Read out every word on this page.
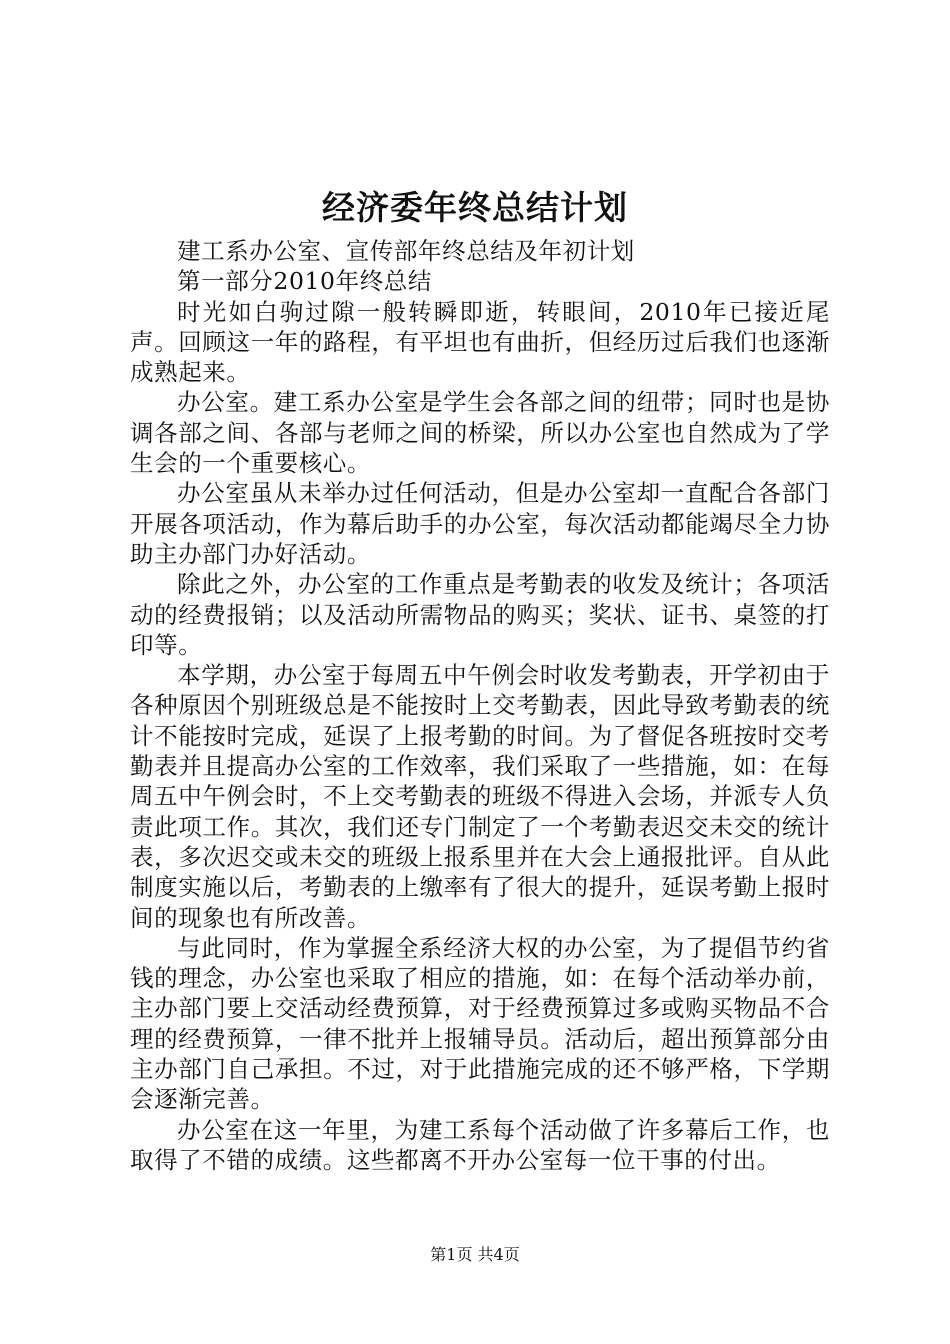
经济委年终总结计划

建工系办公室、宣传部年终总结及年初计划

第一部分2010年终总结

时光如白驹过隙一般转瞬即逝，转眼间，2010年已接近尾声。回顾这一年的路程，有平坦也有曲折，但经历过后我们也逐渐成熟起来。

办公室。建工系办公室是学生会各部之间的纽带；同时也是协调各部之间、各部与老师之间的桥梁，所以办公室也自然成为了学生会的一个重要核心。

办公室虽从未举办过任何活动，但是办公室却一直配合各部门开展各项活动，作为幕后助手的办公室，每次活动都能竭尽全力协助主办部门办好活动。

除此之外，办公室的工作重点是考勤表的收发及统计；各项活动的经费报销；以及活动所需物品的购买；奖状、证书、桌签的打印等。

本学期，办公室于每周五中午例会时收发考勤表，开学初由于各种原因个别班级总是不能按时上交考勤表，因此导致考勤表的统计不能按时完成，延误了上报考勤的时间。为了督促各班按时交考勤表并且提高办公室的工作效率，我们采取了一些措施，如：在每周五中午例会时，不上交考勤表的班级不得进入会场，并派专人负责此项工作。其次，我们还专门制定了一个考勤表迟交未交的统计表，多次迟交或未交的班级上报系里并在大会上通报批评。自从此制度实施以后，考勤表的上缴率有了很大的提升，延误考勤上报时间的现象也有所改善。

与此同时，作为掌握全系经济大权的办公室，为了提倡节约省钱的理念，办公室也采取了相应的措施，如：在每个活动举办前，主办部门要上交活动经费预算，对于经费预算过多或购买物品不合理的经费预算，一律不批并上报辅导员。活动后，超出预算部分由主办部门自己承担。不过，对于此措施完成的还不够严格，下学期会逐渐完善。

办公室在这一年里，为建工系每个活动做了许多幕后工作，也取得了不错的成绩。这些都离不开办公室每一位干事的付出。

第1页 共4页
